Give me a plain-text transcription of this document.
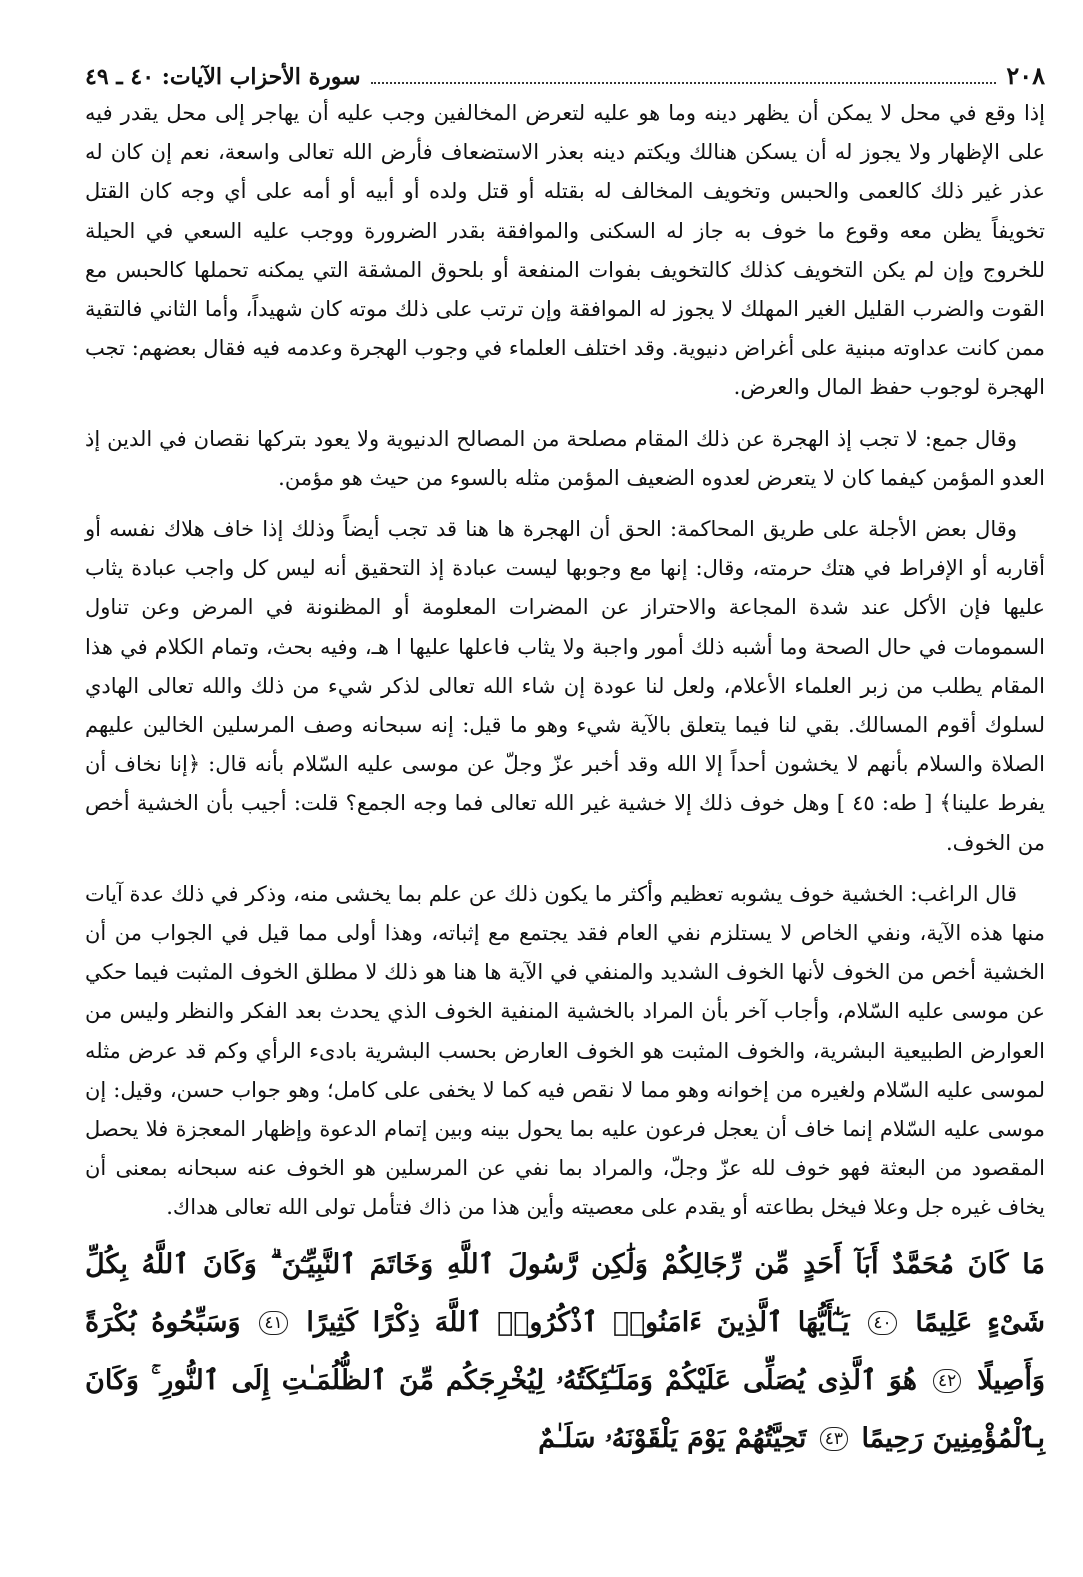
٢٠٨
سورة الأحزاب الآيات: ٤٠ ـ ٤٩

إذا وقع في محل لا يمكن أن يظهر دينه وما هو عليه لتعرض المخالفين وجب عليه أن يهاجر إلى محل يقدر فيه على الإظهار ولا يجوز له أن يسكن هنالك ويكتم دينه بعذر الاستضعاف فأرض الله تعالى واسعة، نعم إن كان له عذر غير ذلك كالعمى والحبس وتخويف المخالف له بقتله أو قتل ولده أو أبيه أو أمه على أي وجه كان القتل تخويفاً يظن معه وقوع ما خوف به جاز له السكنى والموافقة بقدر الضرورة ووجب عليه السعي في الحيلة للخروج وإن لم يكن التخويف كذلك كالتخويف بفوات المنفعة أو بلحوق المشقة التي يمكنه تحملها كالحبس مع القوت والضرب القليل الغير المهلك لا يجوز له الموافقة وإن ترتب على ذلك موته كان شهيداً، وأما الثاني فالتقية ممن كانت عداوته مبنية على أغراض دنيوية. وقد اختلف العلماء في وجوب الهجرة وعدمه فيه فقال بعضهم: تجب الهجرة لوجوب حفظ المال والعرض.

وقال جمع: لا تجب إذ الهجرة عن ذلك المقام مصلحة من المصالح الدنيوية ولا يعود بتركها نقصان في الدين إذ العدو المؤمن كيفما كان لا يتعرض لعدوه الضعيف المؤمن مثله بالسوء من حيث هو مؤمن.

وقال بعض الأجلة على طريق المحاكمة: الحق أن الهجرة ها هنا قد تجب أيضاً وذلك إذا خاف هلاك نفسه أو أقاربه أو الإفراط في هتك حرمته، وقال: إنها مع وجوبها ليست عبادة إذ التحقيق أنه ليس كل واجب عبادة يثاب عليها فإن الأكل عند شدة المجاعة والاحتراز عن المضرات المعلومة أو المظنونة في المرض وعن تناول السمومات في حال الصحة وما أشبه ذلك أمور واجبة ولا يثاب فاعلها عليها ا هـ، وفيه بحث، وتمام الكلام في هذا المقام يطلب من زبر العلماء الأعلام، ولعل لنا عودة إن شاء الله تعالى لذكر شيء من ذلك والله تعالى الهادي لسلوك أقوم المسالك. بقي لنا فيما يتعلق بالآية شيء وهو ما قيل: إنه سبحانه وصف المرسلين الخالين عليهم الصلاة والسلام بأنهم لا يخشون أحداً إلا الله وقد أخبر عزّ وجلّ عن موسى عليه السّلام بأنه قال: ﴿إنا نخاف أن يفرط علينا﴾ [ طه: ٤٥ ] وهل خوف ذلك إلا خشية غير الله تعالى فما وجه الجمع؟ قلت: أجيب بأن الخشية أخص من الخوف.

قال الراغب: الخشية خوف يشوبه تعظيم وأكثر ما يكون ذلك عن علم بما يخشى منه، وذكر في ذلك عدة آيات منها هذه الآية، ونفي الخاص لا يستلزم نفي العام فقد يجتمع مع إثباته، وهذا أولى مما قيل في الجواب من أن الخشية أخص من الخوف لأنها الخوف الشديد والمنفي في الآية ها هنا هو ذلك لا مطلق الخوف المثبت فيما حكي عن موسى عليه السّلام، وأجاب آخر بأن المراد بالخشية المنفية الخوف الذي يحدث بعد الفكر والنظر وليس من العوارض الطبيعية البشرية، والخوف المثبت هو الخوف العارض بحسب البشرية بادىء الرأي وكم قد عرض مثله لموسى عليه السّلام ولغيره من إخوانه وهو مما لا نقص فيه كما لا يخفى على كامل؛ وهو جواب حسن، وقيل: إن موسى عليه السّلام إنما خاف أن يعجل فرعون عليه بما يحول بينه وبين إتمام الدعوة وإظهار المعجزة فلا يحصل المقصود من البعثة فهو خوف لله عزّ وجلّ، والمراد بما نفي عن المرسلين هو الخوف عنه سبحانه بمعنى أن يخاف غيره جل وعلا فيخل بطاعته أو يقدم على معصيته وأين هذا من ذاك فتأمل تولى الله تعالى هداك.

مَا كَانَ مُحَمَّدٌ أَبَآ أَحَدٍ مِّن رِّجَالِكُمْ وَلَٰكِن رَّسُولَ ٱللَّهِ وَخَاتَمَ ٱلنَّبِيِّـۧنَ ۗ وَكَانَ ٱللَّهُ بِكُلِّ شَىْءٍ عَلِيمًا ٤٠ يَـٰٓأَيُّهَا ٱلَّذِينَ ءَامَنُوا۟ ٱذْكُرُوا۟ ٱللَّهَ ذِكْرًا كَثِيرًا ٤١ وَسَبِّحُوهُ بُكْرَةً وَأَصِيلًا ٤٢ هُوَ ٱلَّذِى يُصَلِّى عَلَيْكُمْ وَمَلَـٰٓئِكَتُهُۥ لِيُخْرِجَكُم مِّنَ ٱلظُّلُمَـٰتِ إِلَى ٱلنُّورِ ۚ وَكَانَ بِٱلْمُؤْمِنِينَ رَحِيمًا ٤٣ تَحِيَّتُهُمْ يَوْمَ يَلْقَوْنَهُۥ سَلَـٰمٌ
